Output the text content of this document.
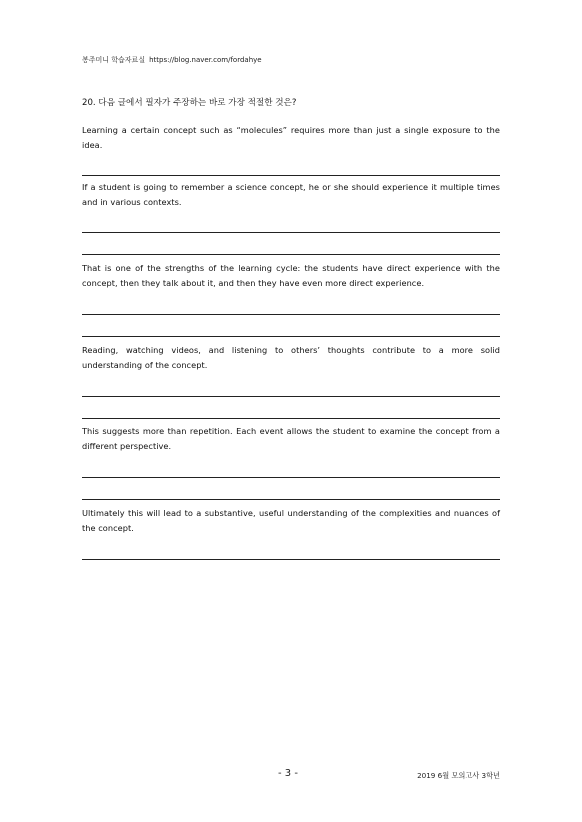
봉주미니 학습자료실 https://blog.naver.com/fordahye
20. 다음 글에서 필자가 주장하는 바로 가장 적절한 것은?
Learning a certain concept such as “molecules” requires more than just a single exposure to the idea.
If a student is going to remember a science concept, he or she should experience it multiple times and in various contexts.
That is one of the strengths of the learning cycle: the students have direct experience with the concept, then they talk about it, and then they have even more direct experience.
Reading, watching videos, and listening to others’ thoughts contribute to a more solid understanding of the concept.
This suggests more than repetition. Each event allows the student to examine the concept from a different perspective.
Ultimately this will lead to a substantive, useful understanding of the complexities and nuances of the concept.
- 3 -	2019 6월 모의고사 3학년
